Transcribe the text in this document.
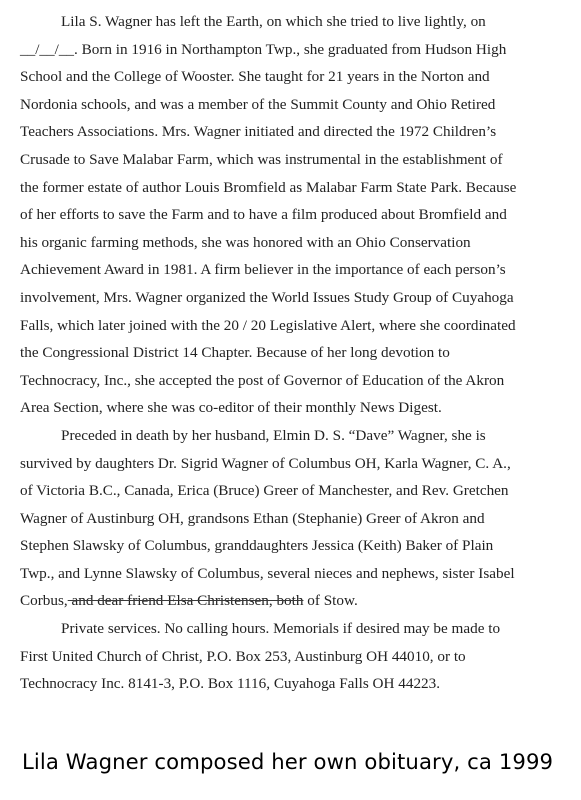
Lila S. Wagner has left the Earth, on which she tried to live lightly, on
__/__/__. Born in 1916 in Northampton Twp., she graduated from Hudson High
School and the College of Wooster. She taught for 21 years in the Norton and
Nordonia schools, and was a member of the Summit County and Ohio Retired
Teachers Associations. Mrs. Wagner initiated and directed the 1972 Children’s
Crusade to Save Malabar Farm, which was instrumental in the establishment of
the former estate of author Louis Bromfield as Malabar Farm State Park. Because
of her efforts to save the Farm and to have a film produced about Bromfield and
his organic farming methods, she was honored with an Ohio Conservation
Achievement Award in 1981. A firm believer in the importance of each person’s
involvement, Mrs. Wagner organized the World Issues Study Group of Cuyahoga
Falls, which later joined with the 20 / 20 Legislative Alert, where she coordinated
the Congressional District 14 Chapter. Because of her long devotion to
Technocracy, Inc., she accepted the post of Governor of Education of the Akron
Area Section, where she was co-editor of their monthly News Digest.

Preceded in death by her husband, Elmin D. S. “Dave” Wagner, she is
survived by daughters Dr. Sigrid Wagner of Columbus OH, Karla Wagner, C. A.,
of Victoria B.C., Canada, Erica (Bruce) Greer of Manchester, and Rev. Gretchen
Wagner of Austinburg OH, grandsons Ethan (Stephanie) Greer of Akron and
Stephen Slawsky of Columbus, granddaughters Jessica (Keith) Baker of Plain
Twp., and Lynne Slawsky of Columbus, several nieces and nephews, sister Isabel
Corbus, and dear friend Elsa Christensen, both of Stow.

Private services. No calling hours. Memorials if desired may be made to
First United Church of Christ, P.O. Box 253, Austinburg OH 44010, or to
Technocracy Inc. 8141-3, P.O. Box 1116, Cuyahoga Falls OH 44223.

Lila Wagner composed her own obituary, ca 1999
